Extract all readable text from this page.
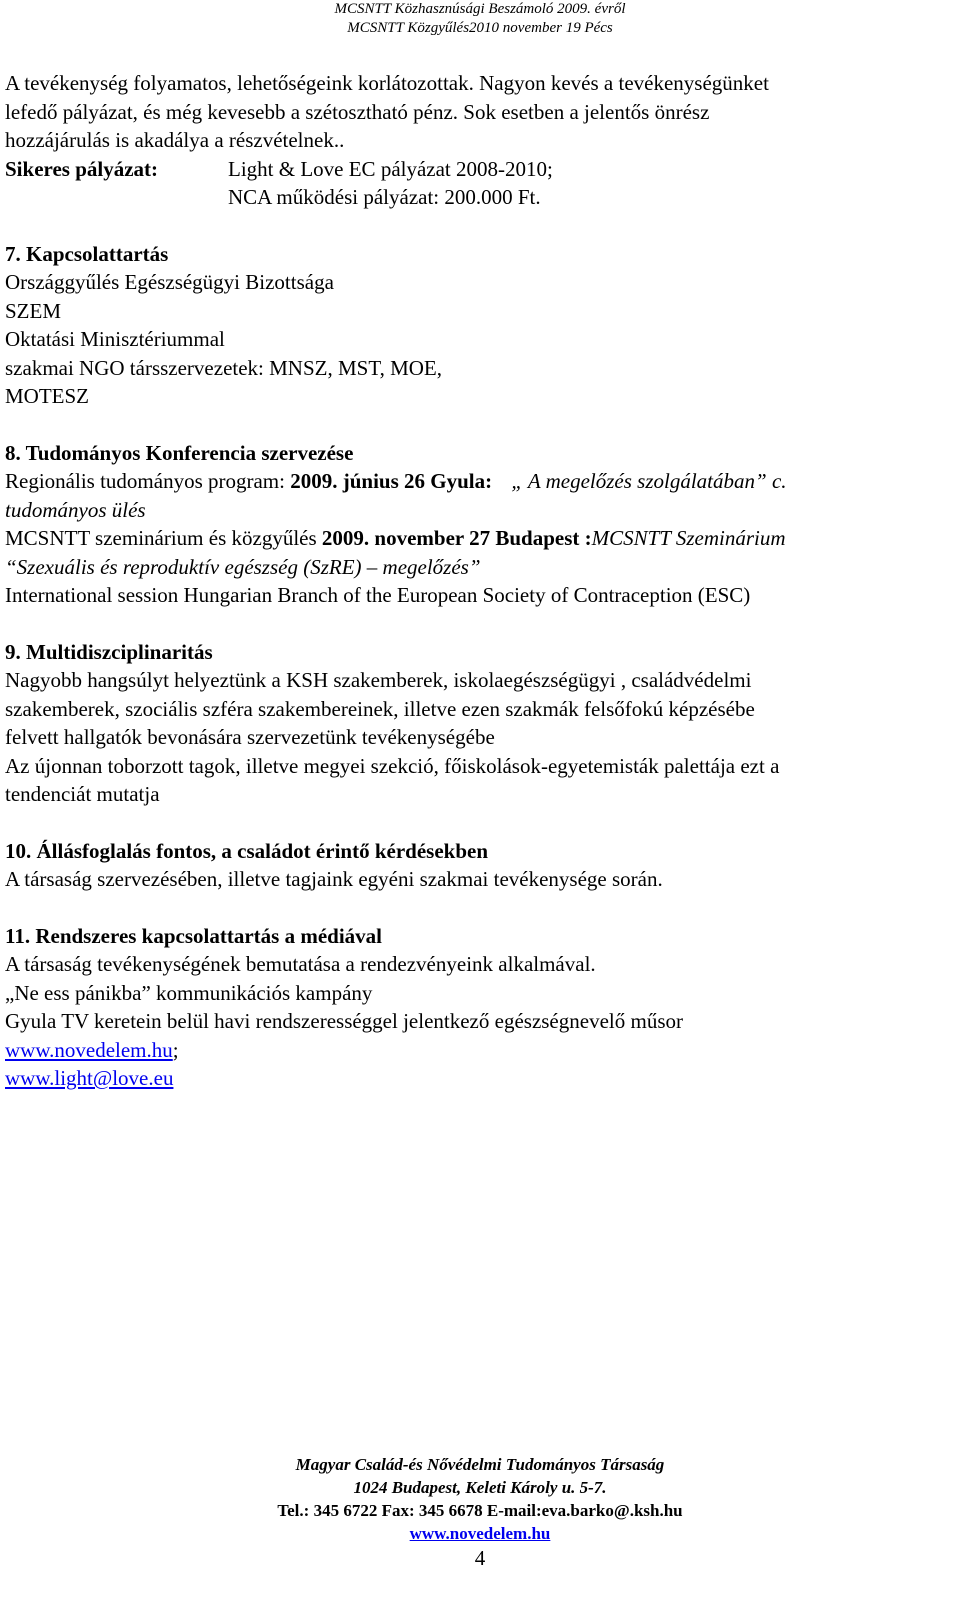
MCSNTT Közhasznúsági Beszámoló 2009. évről
MCSNTT Közgyűlés2010 november 19 Pécs
A tevékenység folyamatos, lehetőségeink korlátozottak. Nagyon kevés a tevékenységünket
lefedő pályázat, és még kevesebb a szétosztható pénz. Sok esetben a jelentős önrész
hozzájárulás is akadálya a részvételnek..
Sikeres pályázat:	Light & Love EC pályázat 2008-2010;
NCA működési pályázat: 200.000 Ft.
7. Kapcsolattartás
Országgyűlés Egészségügyi Bizottsága
SZEM
Oktatási Minisztériummal
szakmai NGO társszervezetek: MNSZ, MST, MOE,
MOTESZ
8. Tudományos Konferencia szervezése
Regionális tudományos program: 2009. június 26 Gyula: „ A megelőzés szolgálatában” c.
tudományos ülés
MCSNTT szeminárium és közgyűlés 2009. november 27 Budapest :MCSNTT Szeminárium
“Szexuális és reproduktív egészség (SzRE) – megelőzés”
International session Hungarian Branch of the European Society of Contraception (ESC)
9. Multidiszciplinaritás
Nagyobb hangsúlyt helyeztünk a KSH szakemberek, iskolaegészségügyi , családvédelmi
szakemberek, szociális szféra szakembereinek, illetve ezen szakmák felsőfokú képzésébe
felvett hallgatók bevonására szervezetünk tevékenységébe
Az újonnan toborzott tagok, illetve megyei szekció, főiskolások-egyetemisták palettája ezt a
tendenciát mutatja
10. Állásfoglalás fontos, a családot érintő kérdésekben
A társaság szervezésében, illetve tagjaink egyéni szakmai tevékenysége során.
11. Rendszeres kapcsolattartás a médiával
A társaság tevékenységének bemutatása a rendezvényeink alkalmával.
„Ne ess pánikba” kommunikációs kampány
Gyula TV keretein belül havi rendszerességgel jelentkező egészségnevelő műsor
www.novedelem.hu;
www.light@love.eu
Magyar Család-és Nővédelmi Tudományos Társaság
1024 Budapest, Keleti Károly u. 5-7.
Tel.: 345 6722 Fax: 345 6678 E-mail:eva.barko@.ksh.hu
www.novedelem.hu
4
